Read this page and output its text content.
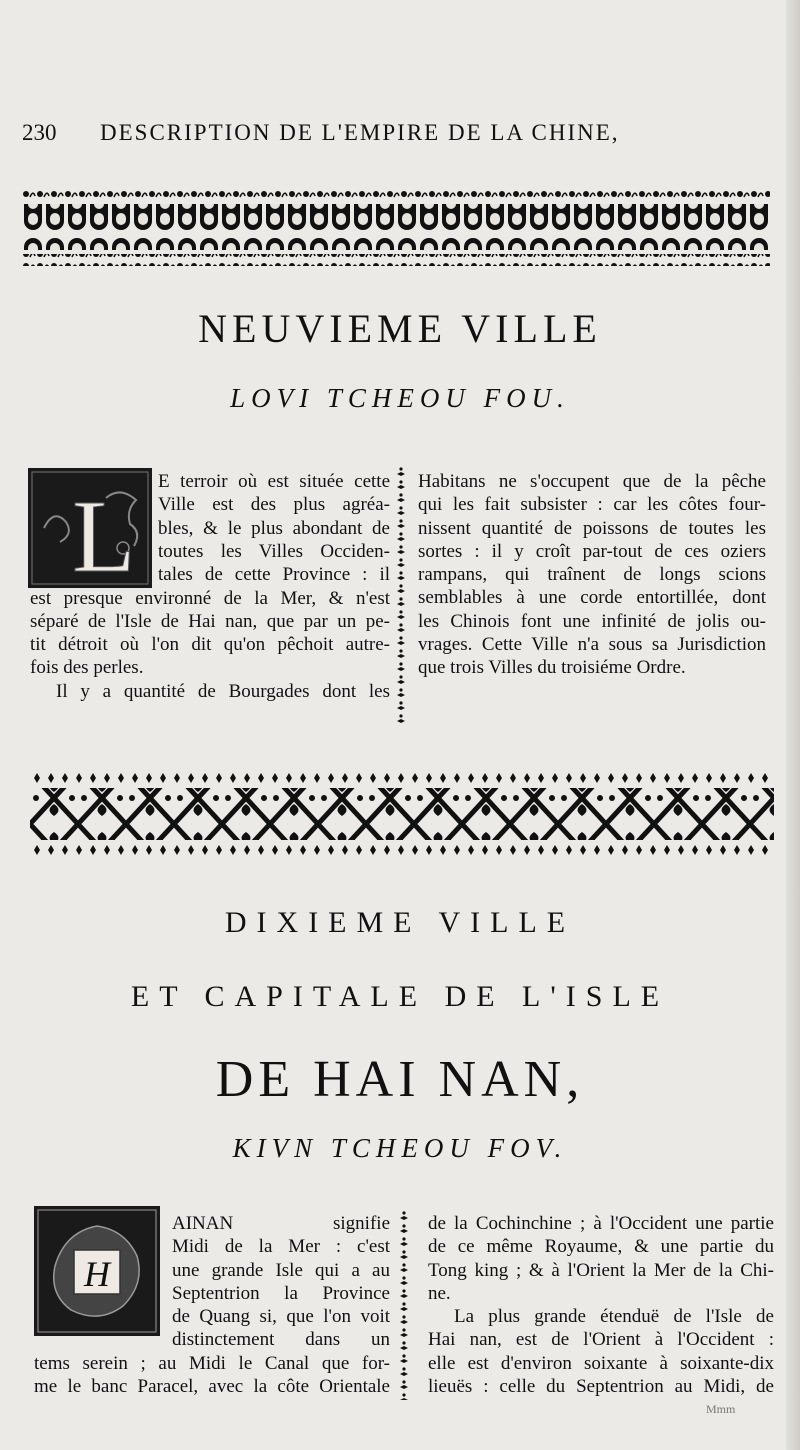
230 DESCRIPTION DE L'EMPIRE DE LA CHINE,
NEUVIEME VILLE
LOVI TCHEOU FOU.
L E terroir où est située cette
Ville est des plus agréa-
bles, & le plus abondant de
toutes les Villes Occiden-
tales de cette Province : il
est presque environné de la Mer, & n'est
séparé de l'Isle de Hai nan, que par un pe-
tit détroit où l'on dit qu'on pêchoit autre-
fois des perles.
Il y a quantité de Bourgades dont les
Habitans ne s'occupent que de la pêche
qui les fait subsister : car les côtes four-
nissent quantité de poissons de toutes les
sortes : il y croît par-tout de ces oziers
rampans, qui traînent de longs scions
semblables à une corde entortillée, dont
les Chinois font une infinité de jolis ou-
vrages. Cette Ville n'a sous sa Jurisdiction
que trois Villes du troisiéme Ordre.
DIXIEME VILLE
ET CAPITALE DE L'ISLE
DE HAI NAN,
KIVN TCHEOU FOV.
H
AINAN signifie
Midi de la Mer : c'est
une grande Isle qui a au
Septentrion la Province
de Quang si, que l'on voit
distinctement dans un
tems serein ; au Midi le Canal que for-
me le banc Paracel, avec la côte Orientale
de la Cochinchine ; à l'Occident une partie
de ce même Royaume, & une partie du
Tong king ; & à l'Orient la Mer de la Chi-
ne.
La plus grande étenduë de l'Isle de
Hai nan, est de l'Orient à l'Occident :
elle est d'environ soixante à soixante-dix
lieuës : celle du Septentrion au Midi, de
Mmm
